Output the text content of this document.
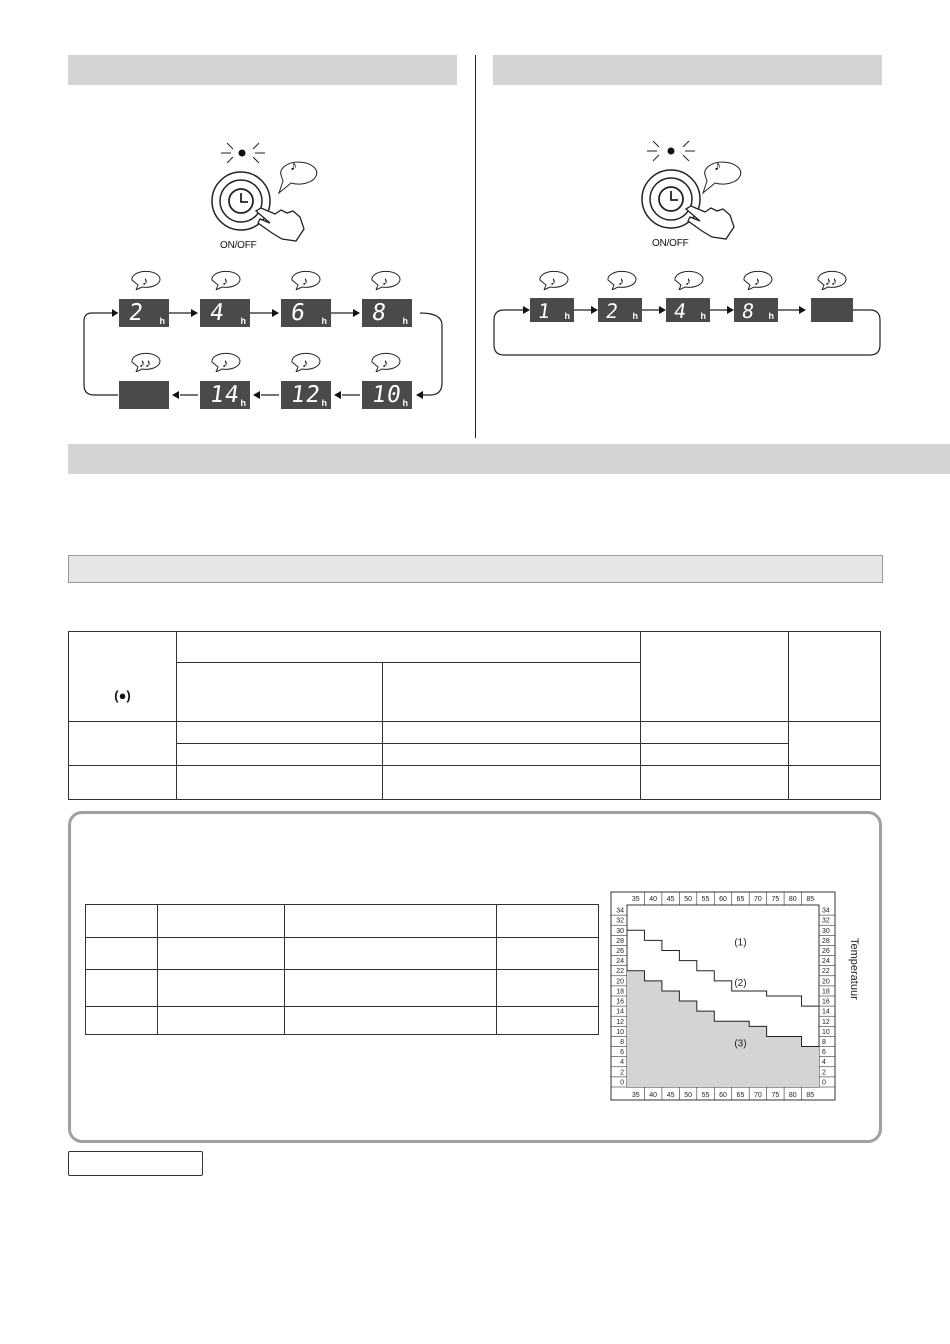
♪
ON/OFF
♪	♪	♪	♪
♪♪	♪	♪	♪
2 h 4 h 6 h 8 h
14
h 12
h 10
h
♪
ON/OFF
♪	♪	♪	♪	♪♪
1 h 2 h 4 h 8 h
(●)				

35
35
40
40
45
45
50
50
55
55
60
60
65
65
70
70
75
75
80
80
85
85
34	34
32	32
30	30
28	28
26	26
24	24
22	22
20	20
18	18
16	16
14	14
12	12
10	10
8	8
6	6
4	4
2	2
0	0
(1)
(2)
(3)
Temperatuur
